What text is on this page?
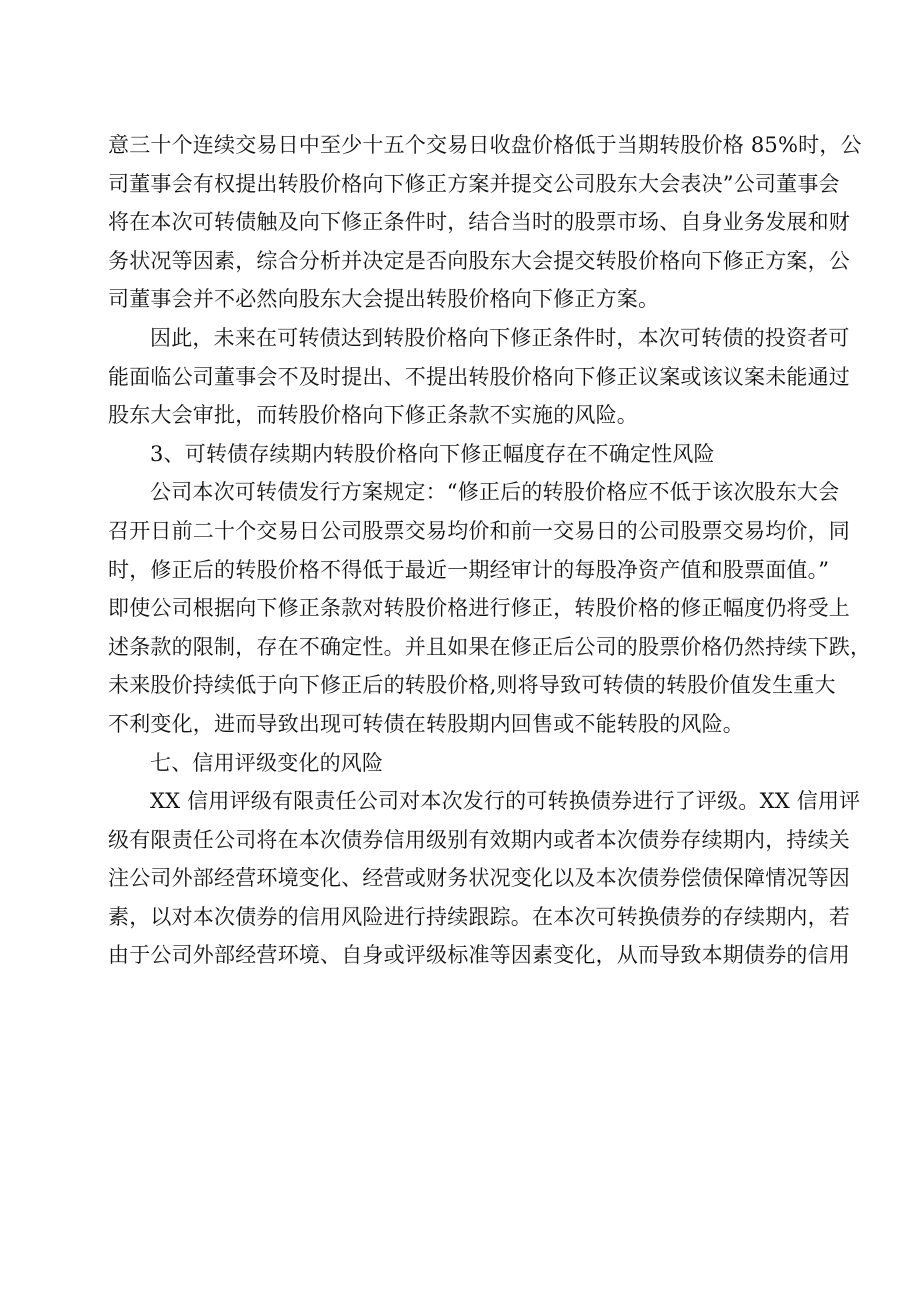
意三十个连续交易日中至少十五个交易日收盘价格低于当期转股价格 85%时，公
司董事会有权提出转股价格向下修正方案并提交公司股东大会表决”公司董事会
将在本次可转债触及向下修正条件时，结合当时的股票市场、自身业务发展和财
务状况等因素，综合分析并决定是否向股东大会提交转股价格向下修正方案，公
司董事会并不必然向股东大会提出转股价格向下修正方案。
因此，未来在可转债达到转股价格向下修正条件时，本次可转债的投资者可
能面临公司董事会不及时提出、不提出转股价格向下修正议案或该议案未能通过
股东大会审批，而转股价格向下修正条款不实施的风险。
3、可转债存续期内转股价格向下修正幅度存在不确定性风险
公司本次可转债发行方案规定：“修正后的转股价格应不低于该次股东大会
召开日前二十个交易日公司股票交易均价和前一交易日的公司股票交易均价，同
时，修正后的转股价格不得低于最近一期经审计的每股净资产值和股票面值。”
即使公司根据向下修正条款对转股价格进行修正，转股价格的修正幅度仍将受上
述条款的限制，存在不确定性。并且如果在修正后公司的股票价格仍然持续下跌，
未来股价持续低于向下修正后的转股价格,则将导致可转债的转股价值发生重大
不利变化，进而导致出现可转债在转股期内回售或不能转股的风险。
七、信用评级变化的风险
XX 信用评级有限责任公司对本次发行的可转换债券进行了评级。XX 信用评
级有限责任公司将在本次债券信用级别有效期内或者本次债券存续期内，持续关
注公司外部经营环境变化、经营或财务状况变化以及本次债券偿债保障情况等因
素，以对本次债券的信用风险进行持续跟踪。在本次可转换债券的存续期内，若
由于公司外部经营环境、自身或评级标准等因素变化，从而导致本期债券的信用
